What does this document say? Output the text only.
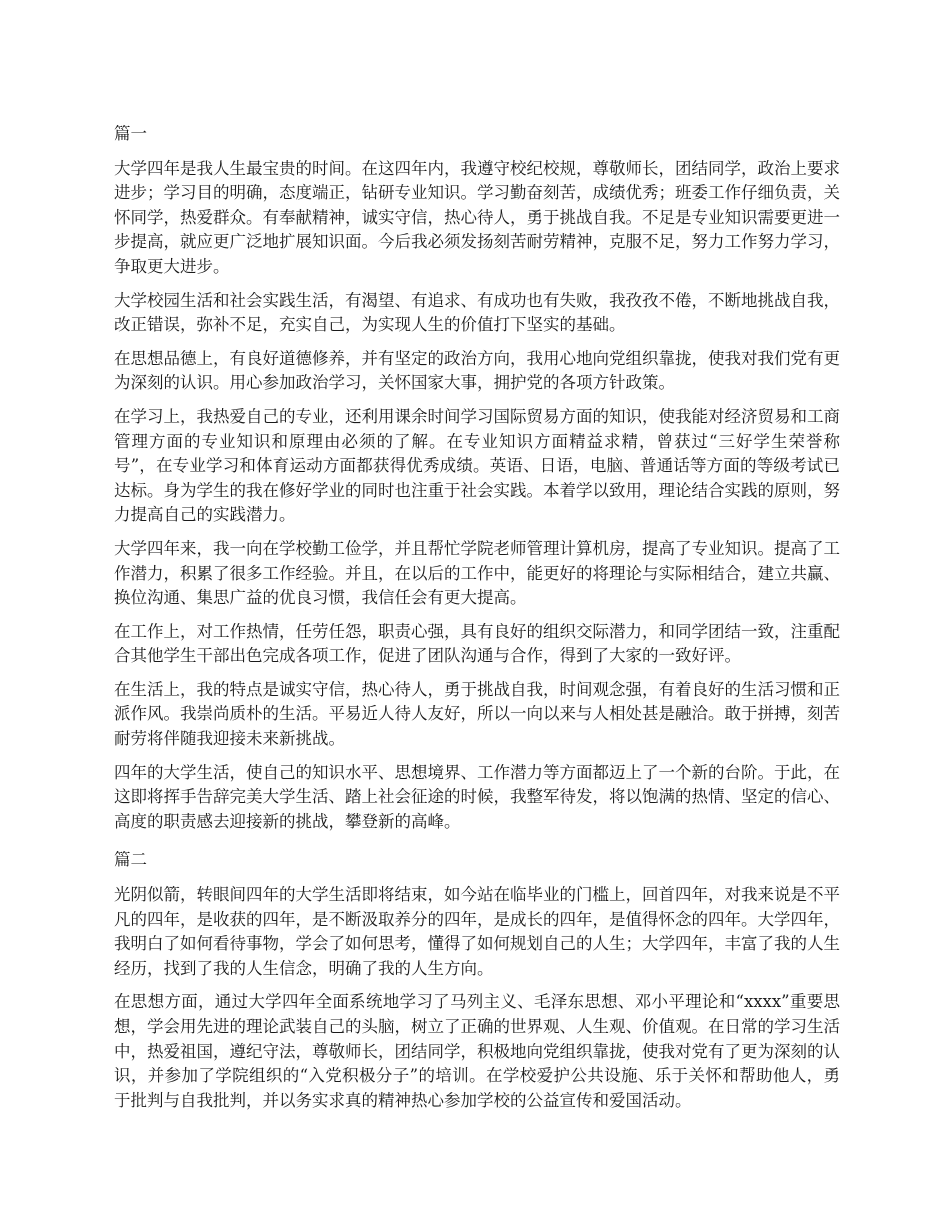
篇一

大学四年是我人生最宝贵的时间。在这四年内，我遵守校纪校规，尊敬师长，团结同学，政治上要求进步；学习目的明确，态度端正，钻研专业知识。学习勤奋刻苦，成绩优秀；班委工作仔细负责，关怀同学，热爱群众。有奉献精神，诚实守信，热心待人，勇于挑战自我。不足是专业知识需要更进一步提高，就应更广泛地扩展知识面。今后我必须发扬刻苦耐劳精神，克服不足，努力工作努力学习，争取更大进步。

大学校园生活和社会实践生活，有渴望、有追求、有成功也有失败，我孜孜不倦，不断地挑战自我，改正错误，弥补不足，充实自己，为实现人生的价值打下坚实的基础。

在思想品德上，有良好道德修养，并有坚定的政治方向，我用心地向党组织靠拢，使我对我们党有更为深刻的认识。用心参加政治学习，关怀国家大事，拥护党的各项方针政策。

在学习上，我热爱自己的专业，还利用课余时间学习国际贸易方面的知识，使我能对经济贸易和工商管理方面的专业知识和原理由必须的了解。在专业知识方面精益求精，曾获过“三好学生荣誉称号”，在专业学习和体育运动方面都获得优秀成绩。英语、日语，电脑、普通话等方面的等级考试已达标。身为学生的我在修好学业的同时也注重于社会实践。本着学以致用，理论结合实践的原则，努力提高自己的实践潜力。

大学四年来，我一向在学校勤工俭学，并且帮忙学院老师管理计算机房，提高了专业知识。提高了工作潜力，积累了很多工作经验。并且，在以后的工作中，能更好的将理论与实际相结合，建立共赢、换位沟通、集思广益的优良习惯，我信任会有更大提高。

在工作上，对工作热情，任劳任怨，职责心强，具有良好的组织交际潜力，和同学团结一致，注重配合其他学生干部出色完成各项工作，促进了团队沟通与合作，得到了大家的一致好评。

在生活上，我的特点是诚实守信，热心待人，勇于挑战自我，时间观念强，有着良好的生活习惯和正派作风。我崇尚质朴的生活。平易近人待人友好，所以一向以来与人相处甚是融洽。敢于拼搏，刻苦耐劳将伴随我迎接未来新挑战。

四年的大学生活，使自己的知识水平、思想境界、工作潜力等方面都迈上了一个新的台阶。于此，在这即将挥手告辞完美大学生活、踏上社会征途的时候，我整军待发，将以饱满的热情、坚定的信心、高度的职责感去迎接新的挑战，攀登新的高峰。

篇二

光阴似箭，转眼间四年的大学生活即将结束，如今站在临毕业的门槛上，回首四年，对我来说是不平凡的四年，是收获的四年，是不断汲取养分的四年，是成长的四年，是值得怀念的四年。大学四年，我明白了如何看待事物，学会了如何思考，懂得了如何规划自己的人生；大学四年，丰富了我的人生经历，找到了我的人生信念，明确了我的人生方向。

在思想方面，通过大学四年全面系统地学习了马列主义、毛泽东思想、邓小平理论和“xxxx”重要思想，学会用先进的理论武装自己的头脑，树立了正确的世界观、人生观、价值观。在日常的学习生活中，热爱祖国，遵纪守法，尊敬师长，团结同学，积极地向党组织靠拢，使我对党有了更为深刻的认识，并参加了学院组织的“入党积极分子”的培训。在学校爱护公共设施、乐于关怀和帮助他人，勇于批判与自我批判，并以务实求真的精神热心参加学校的公益宣传和爱国活动。
